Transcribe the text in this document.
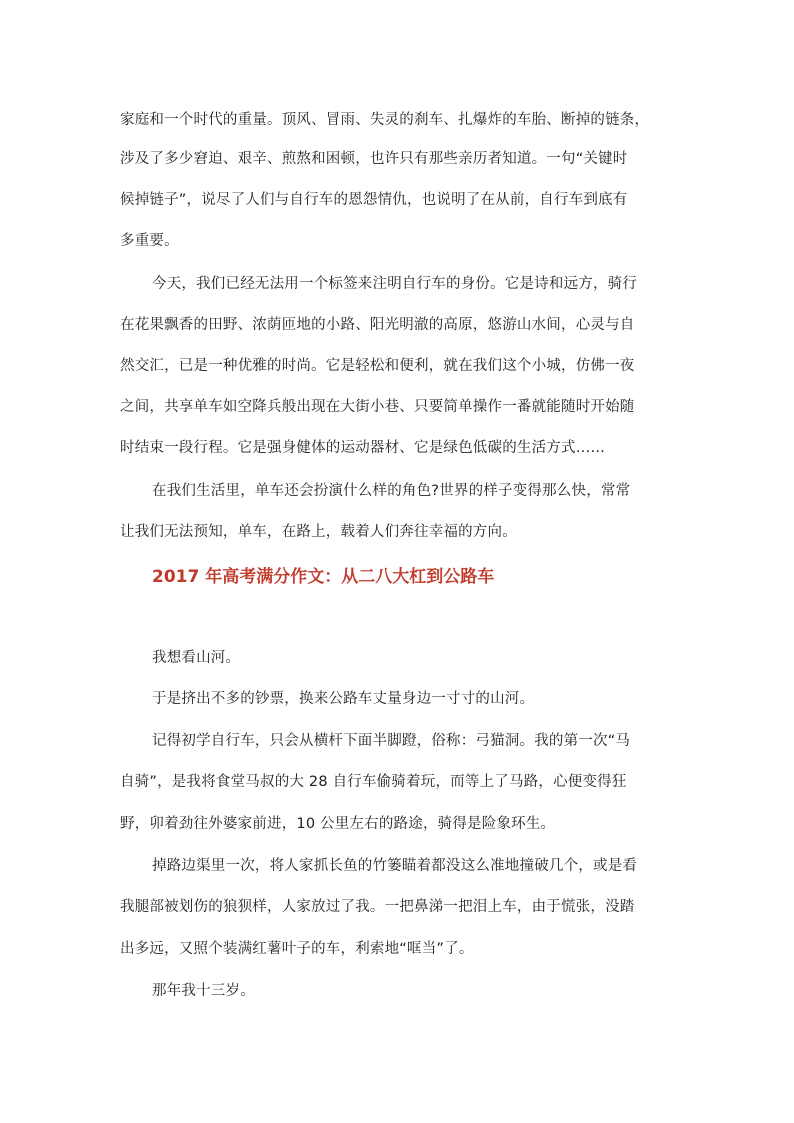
家庭和一个时代的重量。顶风、冒雨、失灵的刹车、扎爆炸的车胎、断掉的链条，
涉及了多少窘迫、艰辛、煎熬和困顿，也许只有那些亲历者知道。一句“关键时
候掉链子”，说尽了人们与自行车的恩怨情仇，也说明了在从前，自行车到底有
多重要。
今天，我们已经无法用一个标签来注明自行车的身份。它是诗和远方，骑行
在花果飘香的田野、浓荫匝地的小路、阳光明澈的高原，悠游山水间，心灵与自
然交汇，已是一种优雅的时尚。它是轻松和便利，就在我们这个小城，仿佛一夜
之间，共享单车如空降兵般出现在大街小巷、只要简单操作一番就能随时开始随
时结束一段行程。它是强身健体的运动器材、它是绿色低碳的生活方式……
在我们生活里，单车还会扮演什么样的角色?世界的样子变得那么快，常常
让我们无法预知，单车，在路上，载着人们奔往幸福的方向。
2017 年高考满分作文：从二八大杠到公路车
我想看山河。
于是挤出不多的钞票，换来公路车丈量身边一寸寸的山河。
记得初学自行车，只会从横杆下面半脚蹬，俗称：弓猫洞。我的第一次“马
自骑”，是我将食堂马叔的大 28 自行车偷骑着玩，而等上了马路，心便变得狂
野，卯着劲往外婆家前进，10 公里左右的路途，骑得是险象环生。
掉路边渠里一次，将人家抓长鱼的竹篓瞄着都没这么准地撞破几个，或是看
我腿部被划伤的狼狈样，人家放过了我。一把鼻涕一把泪上车，由于慌张，没踏
出多远，又照个装满红薯叶子的车，利索地“哐当”了。
那年我十三岁。
